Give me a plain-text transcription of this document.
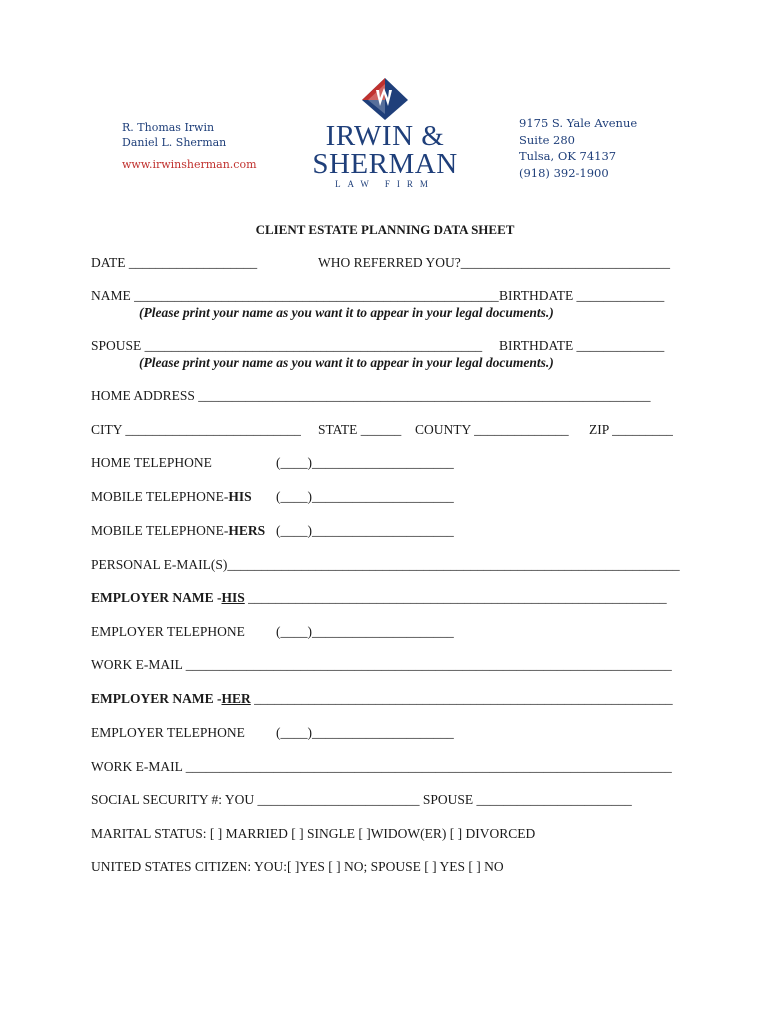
R. Thomas Irwin
Daniel L. Sherman
www.irwinsherman.com
IRWIN &
SHERMAN
LAW FIRM
9175 S. Yale Avenue
Suite 280
Tulsa, OK 74137
(918) 392-1900
CLIENT ESTATE PLANNING DATA SHEET
DATE ___________________	WHO REFERRED YOU?_______________________________
NAME ______________________________________________________ BIRTHDATE _____________
(Please print your name as you want it to appear in your legal documents.)
SPOUSE __________________________________________________ BIRTHDATE _____________
(Please print your name as you want it to appear in your legal documents.)
HOME ADDRESS ___________________________________________________________________
CITY __________________________ STATE ______ COUNTY ______________ ZIP _________
HOME TELEPHONE	(____)_____________________
MOBILE TELEPHONE-HIS (____)_____________________
MOBILE TELEPHONE-HERS (____)_____________________
PERSONAL E-MAIL(S)___________________________________________________________________
EMPLOYER NAME -HIS ______________________________________________________________
EMPLOYER TELEPHONE (____)_____________________
WORK E-MAIL ________________________________________________________________________
EMPLOYER NAME -HER ______________________________________________________________
EMPLOYER TELEPHONE (____)_____________________
WORK E-MAIL ________________________________________________________________________
SOCIAL SECURITY #: YOU ________________________ SPOUSE _______________________
MARITAL STATUS: [ ] MARRIED [ ] SINGLE [ ]WIDOW(ER) [ ] DIVORCED
UNITED STATES CITIZEN: YOU:[ ]YES [ ] NO; SPOUSE [ ] YES [ ] NO
